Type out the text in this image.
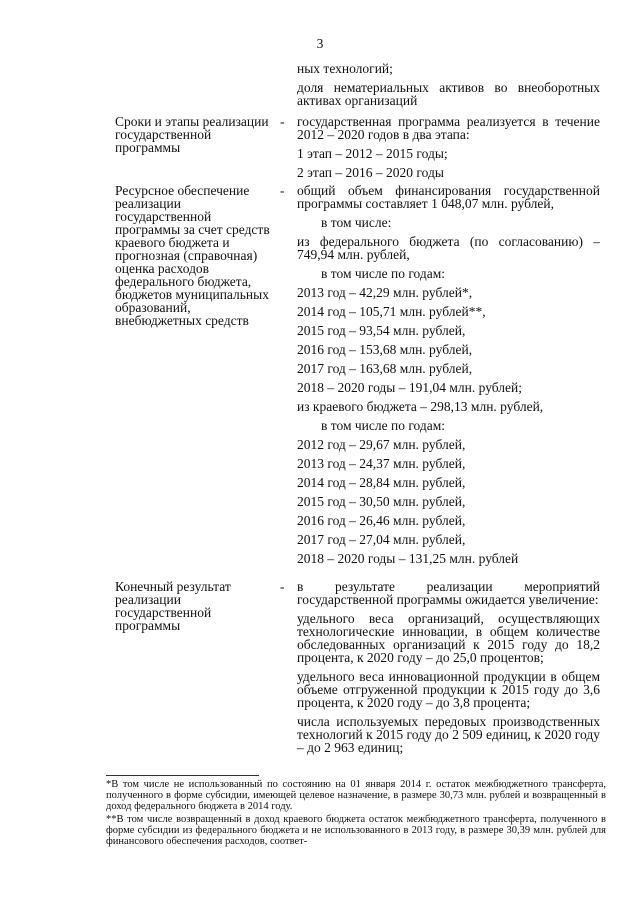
3
ных технологий;
доля нематериальных активов во внеоборотных активах организаций
Сроки и этапы реализации государственной программы
- государственная программа реализуется в течение 2012 – 2020 годов в два этапа:
1 этап – 2012 – 2015 годы;
2 этап – 2016 – 2020 годы
Ресурсное обеспечение реализации государственной программы за счет средств краевого бюджета и прогнозная (справочная) оценка расходов федерального бюджета, бюджетов муниципальных образований, внебюджетных средств
- общий объем финансирования государственной программы составляет 1 048,07 млн. рублей,
в том числе:
из федерального бюджета (по согласованию) – 749,94 млн. рублей,
в том числе по годам:
2013 год – 42,29 млн. рублей*,
2014 год – 105,71 млн. рублей**,
2015 год – 93,54 млн. рублей,
2016 год – 153,68 млн. рублей,
2017 год – 163,68 млн. рублей,
2018 – 2020 годы – 191,04 млн. рублей;
из краевого бюджета – 298,13 млн. рублей,
в том числе по годам:
2012 год – 29,67 млн. рублей,
2013 год – 24,37 млн. рублей,
2014 год – 28,84 млн. рублей,
2015 год – 30,50 млн. рублей,
2016 год – 26,46 млн. рублей,
2017 год – 27,04 млн. рублей,
2018 – 2020 годы – 131,25 млн. рублей
Конечный результат реализации государственной программы
- в результате реализации мероприятий государственной программы ожидается увеличение:
удельного веса организаций, осуществляющих технологические инновации, в общем количестве обследованных организаций к 2015 году до 18,2 процента, к 2020 году – до 25,0 процентов;
удельного веса инновационной продукции в общем объеме отгруженной продукции к 2015 году до 3,6 процента, к 2020 году – до 3,8 процента;
числа используемых передовых производственных технологий к 2015 году до 2 509 единиц, к 2020 году – до 2 963 единиц;
*В том числе не использованный по состоянию на 01 января 2014 г. остаток межбюджетного трансферта, полученного в форме субсидии, имеющей целевое назначение, в размере 30,73 млн. рублей и возвращенный в доход федерального бюджета в 2014 году.
**В том числе возвращенный в доход краевого бюджета остаток межбюджетного трансферта, полученного в форме субсидии из федерального бюджета и не использованного в 2013 году, в размере 30,39 млн. рублей для финансового обеспечения расходов, соответ-
